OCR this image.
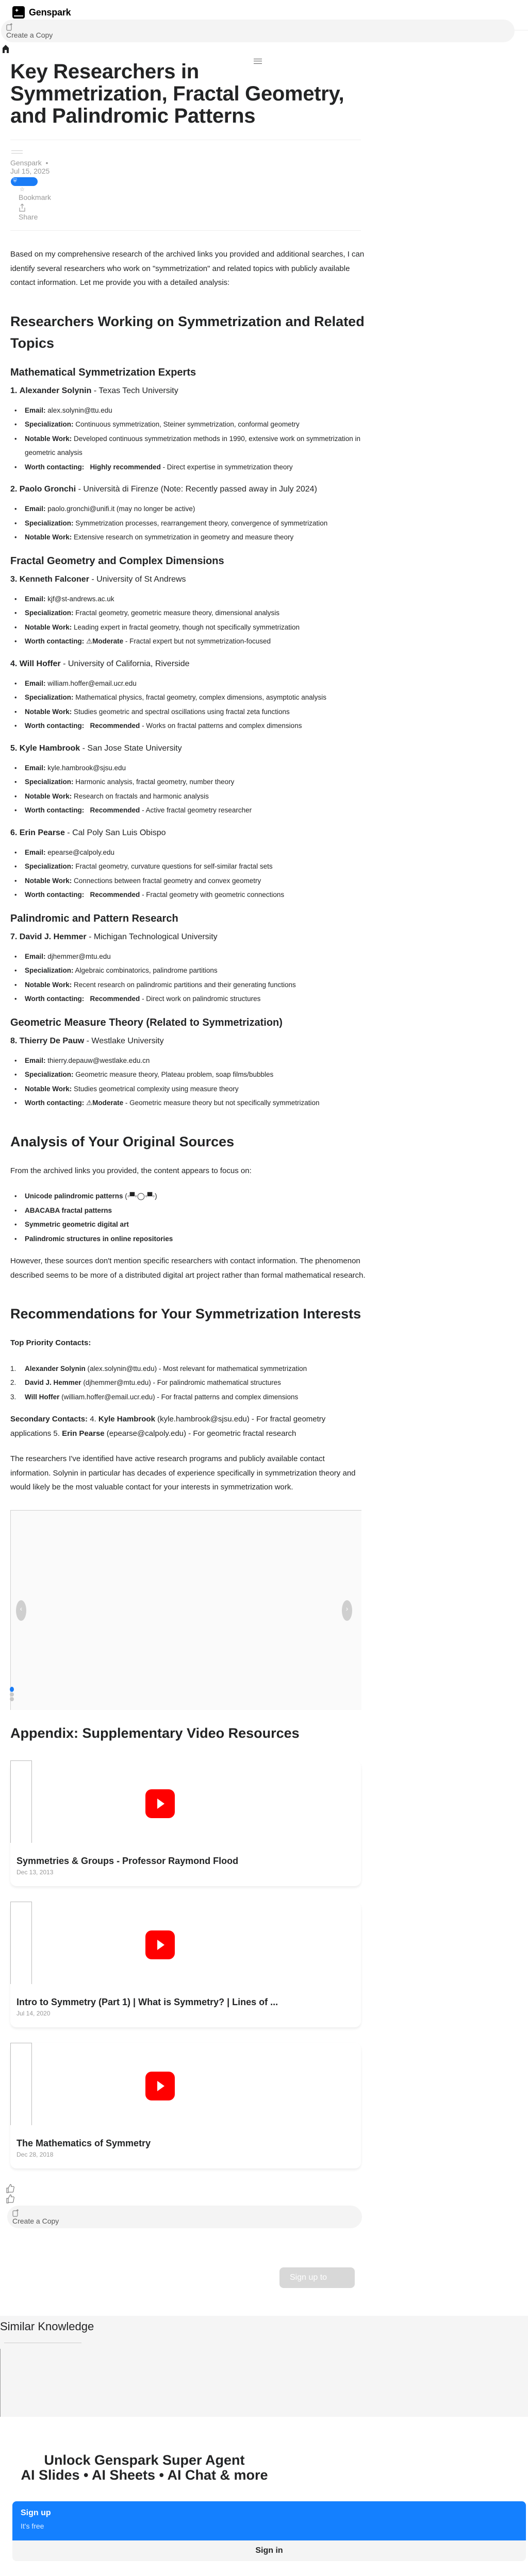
Create a Copy
✦
Genspark
Key Researchers in Symmetrization, Fractal Geometry, and Palindromic Patterns
Genspark •
Jul 15, 2025
⛨
☆
Bookmark
Share

Based on my comprehensive research of the archived links you provided and additional searches, I can identify several researchers who work on "symmetrization" and related topics with publicly available contact information. Let me provide you with a detailed analysis:

Researchers Working on Symmetrization and Related Topics
Mathematical Symmetrization Experts
1. Alexander Solynin - Texas Tech University
• Email: alex.solynin@ttu.edu
• Specialization: Continuous symmetrization, Steiner symmetrization, conformal geometry
• Notable Work: Developed continuous symmetrization methods in 1990, extensive work on symmetrization in geometric analysis
• Worth contacting: Highly recommended - Direct expertise in symmetrization theory
2. Paolo Gronchi - Università di Firenze (Note: Recently passed away in July 2024)
• Email: paolo.gronchi@unifi.it (may no longer be active)
• Specialization: Symmetrization processes, rearrangement theory, convergence of symmetrization
• Notable Work: Extensive research on symmetrization in geometry and measure theory
Fractal Geometry and Complex Dimensions
3. Kenneth Falconer - University of St Andrews
• Email: kjf@st-andrews.ac.uk
• Specialization: Fractal geometry, geometric measure theory, dimensional analysis
• Notable Work: Leading expert in fractal geometry, though not specifically symmetrization
• Worth contacting: ⚠Moderate - Fractal expert but not symmetrization-focused
4. Will Hoffer - University of California, Riverside
• Email: william.hoffer@email.ucr.edu
• Specialization: Mathematical physics, fractal geometry, complex dimensions, asymptotic analysis
• Notable Work: Studies geometric and spectral oscillations using fractal zeta functions
• Worth contacting: Recommended - Works on fractal patterns and complex dimensions
5. Kyle Hambrook - San Jose State University
• Email: kyle.hambrook@sjsu.edu
• Specialization: Harmonic analysis, fractal geometry, number theory
• Notable Work: Research on fractals and harmonic analysis
• Worth contacting: Recommended - Active fractal geometry researcher
6. Erin Pearse - Cal Poly San Luis Obispo
• Email: epearse@calpoly.edu
• Specialization: Fractal geometry, curvature questions for self-similar fractal sets
• Notable Work: Connections between fractal geometry and convex geometry
• Worth contacting: Recommended - Fractal geometry with geometric connections
Palindromic and Pattern Research
7. David J. Hemmer - Michigan Technological University
• Email: djhemmer@mtu.edu
• Specialization: Algebraic combinatorics, palindrome partitions
• Notable Work: Recent research on palindromic partitions and their generating functions
• Worth contacting: Recommended - Direct work on palindromic structures
Geometric Measure Theory (Related to Symmetrization)
8. Thierry De Pauw - Westlake University
• Email: thierry.depauw@westlake.edu.cn
• Specialization: Geometric measure theory, Plateau problem, soap films/bubbles
• Notable Work: Studies geometrical complexity using measure theory
• Worth contacting: ⚠Moderate - Geometric measure theory but not specifically symmetrization
Analysis of Your Original Sources

From the archived links you provided, the content appears to focus on:

• Unicode palindromic patterns (◦▀◦◯◦▀◦)
• ABACABA fractal patterns
• Symmetric geometric digital art
• Palindromic structures in online repositories

However, these sources don't mention specific researchers with contact information. The phenomenon described seems to be more of a distributed digital art project rather than formal mathematical research.

Recommendations for Your Symmetrization Interests

Top Priority Contacts:

1. Alexander Solynin (alex.solynin@ttu.edu) - Most relevant for mathematical symmetrization
2. David J. Hemmer (djhemmer@mtu.edu) - For palindromic mathematical structures
3. Will Hoffer (william.hoffer@email.ucr.edu) - For fractal patterns and complex dimensions

Secondary Contacts: 4. Kyle Hambrook (kyle.hambrook@sjsu.edu) - For fractal geometry applications 5. Erin Pearse (epearse@calpoly.edu) - For geometric fractal research

The researchers I've identified have active research programs and publicly available contact information. Solynin in particular has decades of experience specifically in symmetrization theory and would likely be the most valuable contact for your interests in symmetrization work.

‹	›
Appendix: Supplementary Video Resources
Symmetries & Groups - Professor Raymond Flood
Dec 13, 2013
Intro to Symmetry (Part 1) | What is Symmetry? | Lines of ...
Jul 14, 2020
The Mathematics of Symmetry
Dec 28, 2018
Create a Copy
Sign up to
Similar Knowledge
Unlock Genspark Super Agent
AI Slides • AI Sheets • AI Chat & more
Sign up
It's free
Sign in
